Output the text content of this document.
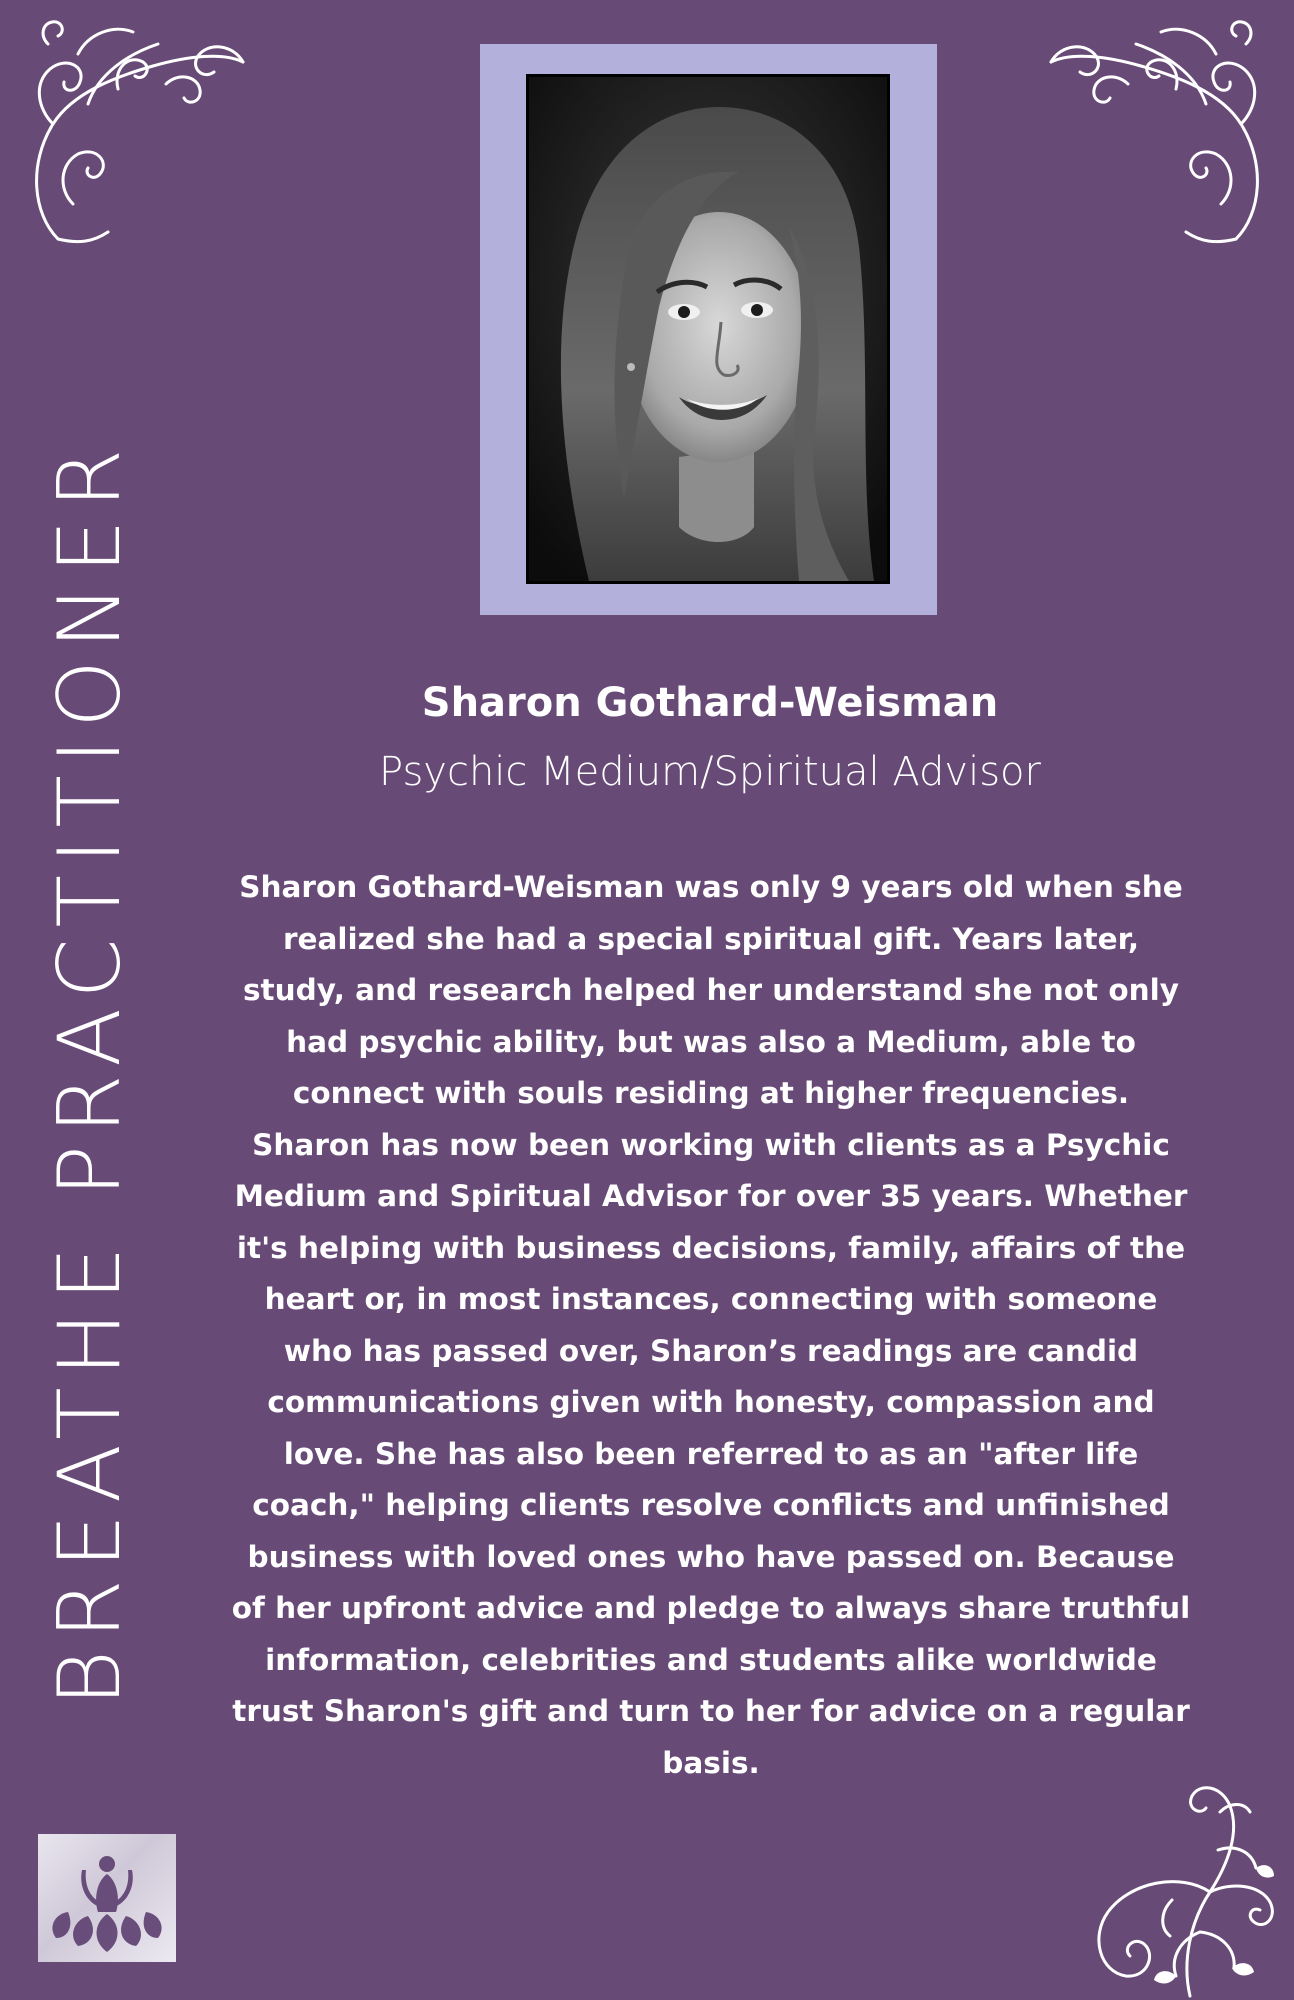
BREATHE PRACTITIONER	Sharon Gothard-Weisman
Psychic Medium/Spiritual Advisor
Sharon Gothard-Weisman was only 9 years old when she
realized she had a special spiritual gift. Years later,
study, and research helped her understand she not only
had psychic ability, but was also a Medium, able to
connect with souls residing at higher frequencies.
Sharon has now been working with clients as a Psychic
Medium and Spiritual Advisor for over 35 years. Whether
it's helping with business decisions, family, affairs of the
heart or, in most instances, connecting with someone
who has passed over, Sharon’s readings are candid
communications given with honesty, compassion and
love. She has also been referred to as an "after life
coach," helping clients resolve conflicts and unfinished
business with loved ones who have passed on. Because
of her upfront advice and pledge to always share truthful
information, celebrities and students alike worldwide
trust Sharon's gift and turn to her for advice on a regular
basis.
